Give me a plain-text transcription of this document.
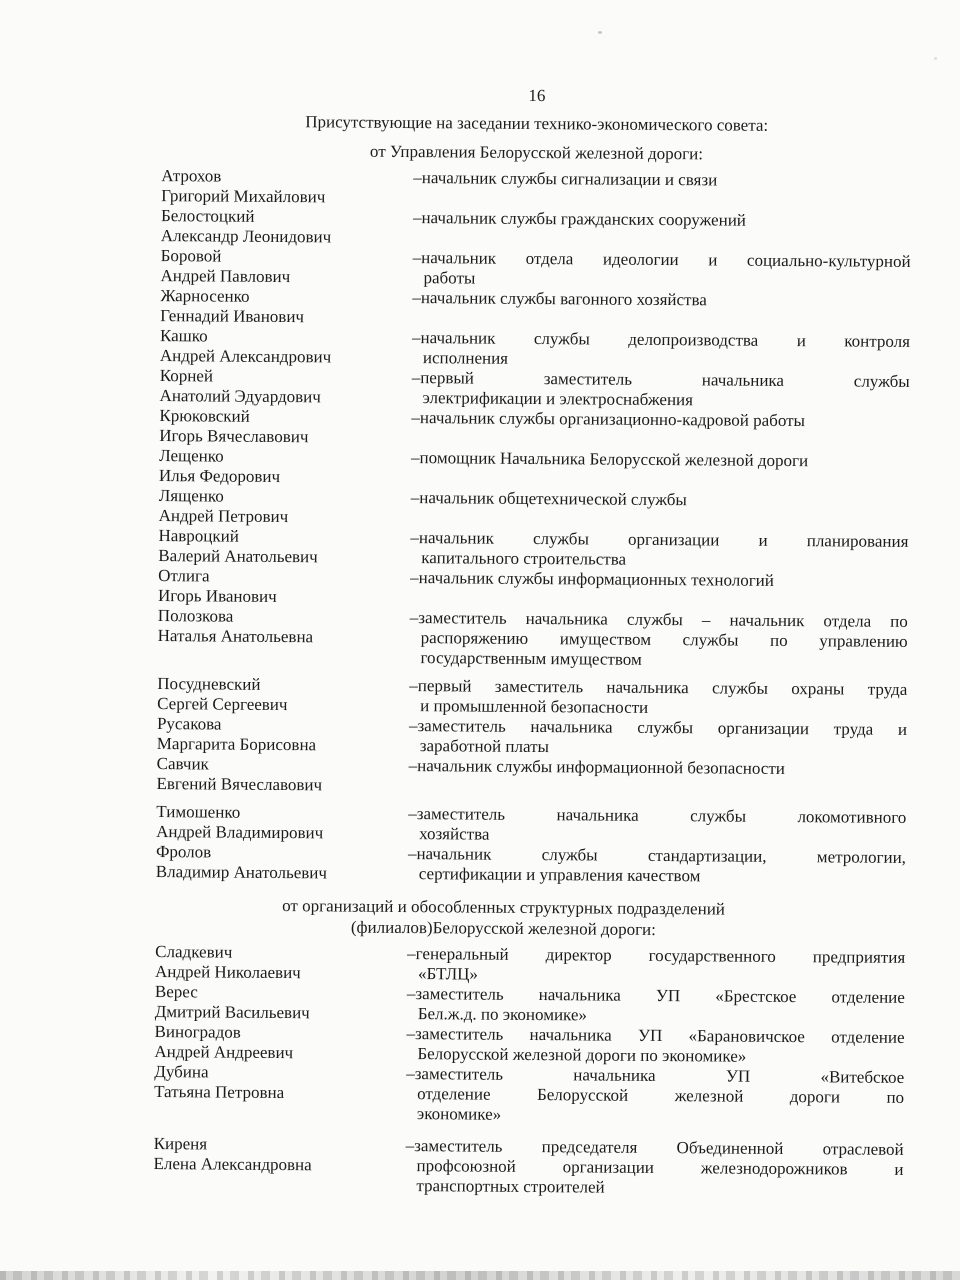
16
Присутствующие на заседании технико-экономического совета:
от Управления Белорусской железной дороги:
Атрохов
Григорий Михайлович
–начальник службы сигнализации и связи
Белостоцкий
Александр Леонидович
–начальник службы гражданских сооружений
Боровой
Андрей Павлович
–начальник отдела идеологии и социально-культурной
работы
Жарносенко
Геннадий Иванович
–начальник службы вагонного хозяйства
Кашко
Андрей Александрович
–начальник службы делопроизводства и контроля
исполнения
Корней
Анатолий Эдуардович
–первый заместитель начальника службы
электрификации и электроснабжения
Крюковский
Игорь Вячеславович
–начальник службы организационно-кадровой работы
Лещенко
Илья Федорович
–помощник Начальника Белорусской железной дороги
Лященко
Андрей Петрович
–начальник общетехнической службы
Навроцкий
Валерий Анатольевич
–начальник службы организации и планирования
капитального строительства
Отлига
Игорь Иванович
–начальник службы информационных технологий
Полозкова
Наталья Анатольевна
–заместитель начальника службы – начальник отдела по
распоряжению имуществом службы по управлению
государственным имуществом
Посудневский
Сергей Сергеевич
–первый заместитель начальника службы охраны труда
и промышленной безопасности
Русакова
Маргарита Борисовна
–заместитель начальника службы организации труда и
заработной платы
Савчик
Евгений Вячеславович
–начальник службы информационной безопасности
Тимошенко
Андрей Владимирович
–заместитель начальника службы локомотивного
хозяйства
Фролов
Владимир Анатольевич
–начальник службы стандартизации, метрологии,
сертификации и управления качеством
от организаций и обособленных структурных подразделений
(филиалов)Белорусской железной дороги:
Сладкевич
Андрей Николаевич
–генеральный директор государственного предприятия
«БТЛЦ»
Верес
Дмитрий Васильевич
–заместитель начальника УП «Брестское отделение
Бел.ж.д. по экономике»
Виноградов
Андрей Андреевич
–заместитель начальника УП «Барановичское отделение
Белорусской железной дороги по экономике»
Дубина
Татьяна Петровна
–заместитель начальника УП «Витебское
отделение Белорусской железной дороги по
экономике»
Киреня
Елена Александровна
–заместитель председателя Объединенной отраслевой
профсоюзной организации железнодорожников и
транспортных строителей
